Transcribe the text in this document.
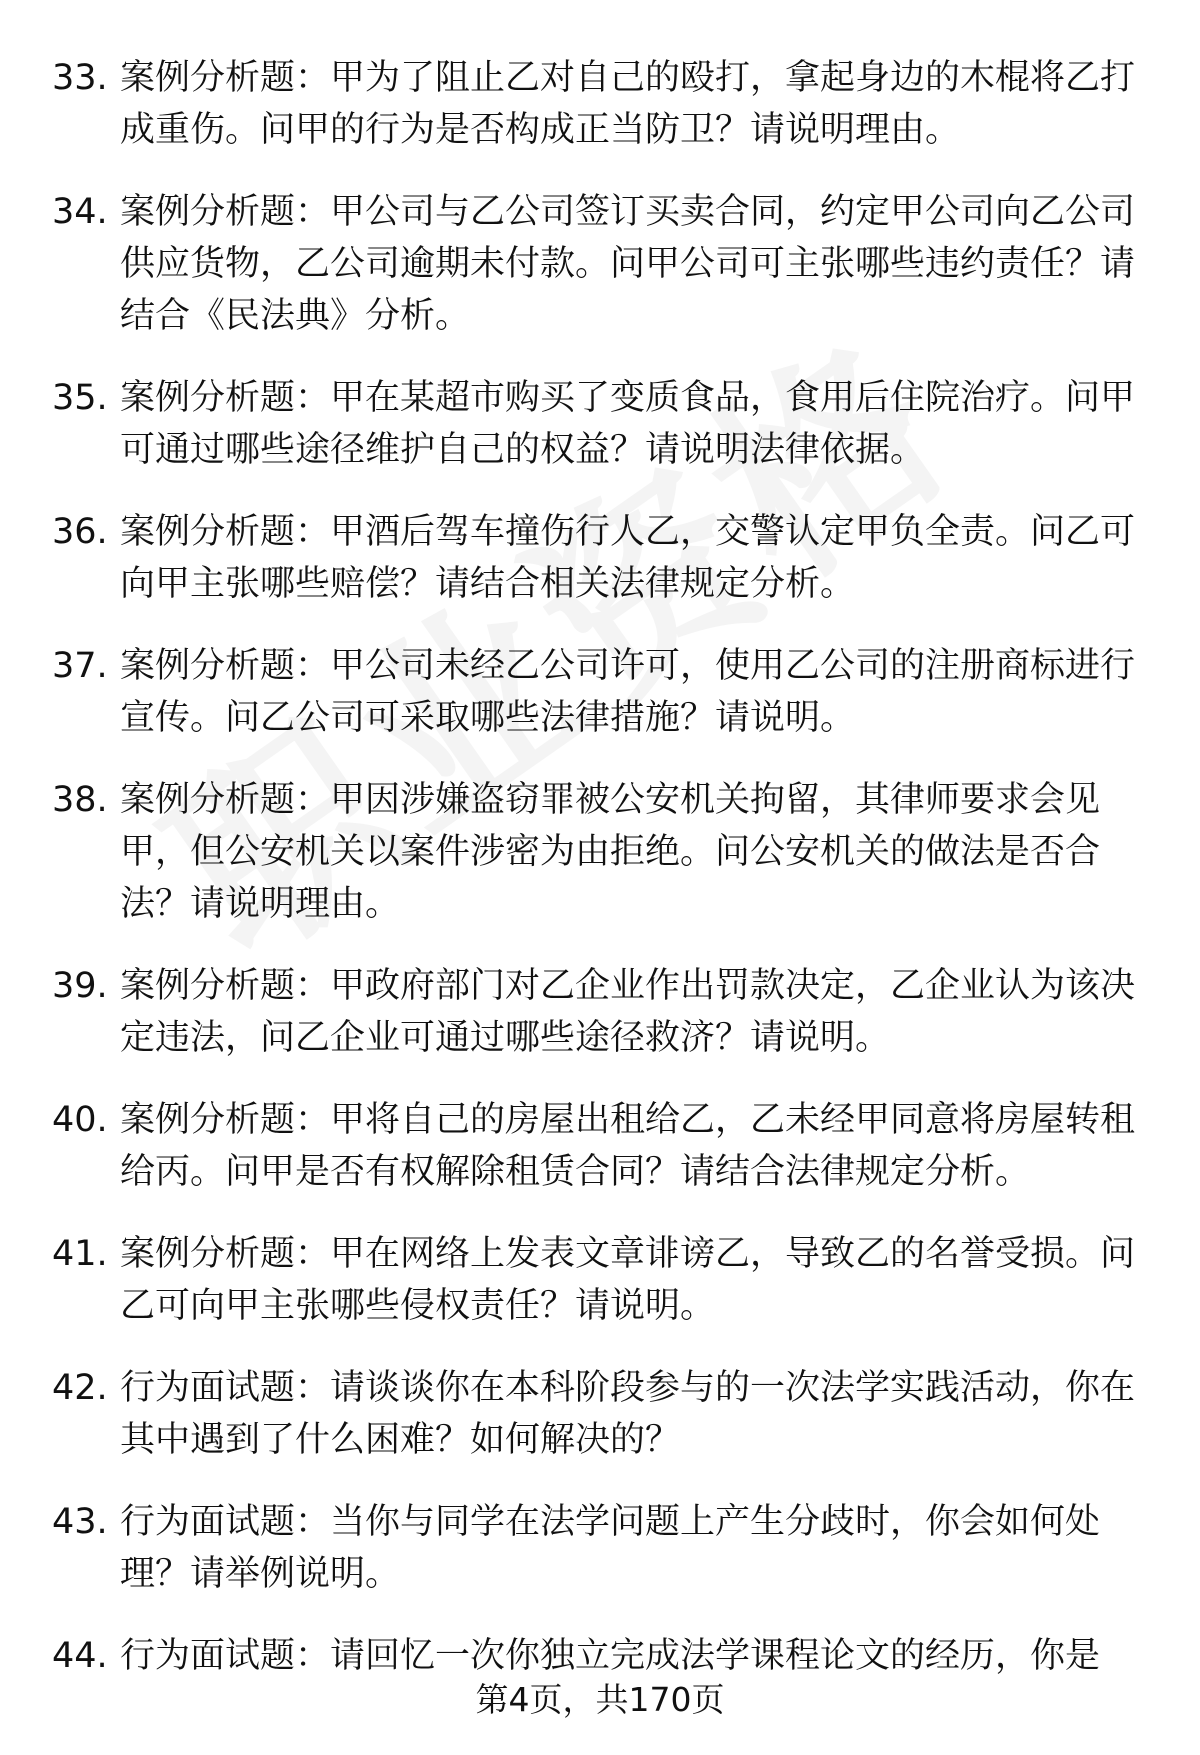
33. 案例分析题：甲为了阻止乙对自己的殴打，拿起身边的木棍将乙打成重伤。问甲的行为是否构成正当防卫？请说明理由。
34. 案例分析题：甲公司与乙公司签订买卖合同，约定甲公司向乙公司供应货物，乙公司逾期未付款。问甲公司可主张哪些违约责任？请结合《民法典》分析。
35. 案例分析题：甲在某超市购买了变质食品，食用后住院治疗。问甲可通过哪些途径维护自己的权益？请说明法律依据。
36. 案例分析题：甲酒后驾车撞伤行人乙，交警认定甲负全责。问乙可向甲主张哪些赔偿？请结合相关法律规定分析。
37. 案例分析题：甲公司未经乙公司许可，使用乙公司的注册商标进行宣传。问乙公司可采取哪些法律措施？请说明。
38. 案例分析题：甲因涉嫌盗窃罪被公安机关拘留，其律师要求会见甲，但公安机关以案件涉密为由拒绝。问公安机关的做法是否合法？请说明理由。
39. 案例分析题：甲政府部门对乙企业作出罚款决定，乙企业认为该决定违法，问乙企业可通过哪些途径救济？请说明。
40. 案例分析题：甲将自己的房屋出租给乙，乙未经甲同意将房屋转租给丙。问甲是否有权解除租赁合同？请结合法律规定分析。
41. 案例分析题：甲在网络上发表文章诽谤乙，导致乙的名誉受损。问乙可向甲主张哪些侵权责任？请说明。
42. 行为面试题：请谈谈你在本科阶段参与的一次法学实践活动，你在其中遇到了什么困难？如何解决的？
43. 行为面试题：当你与同学在法学问题上产生分歧时，你会如何处理？请举例说明。
44. 行为面试题：请回忆一次你独立完成法学课程论文的经历，你是
第4页，共170页
